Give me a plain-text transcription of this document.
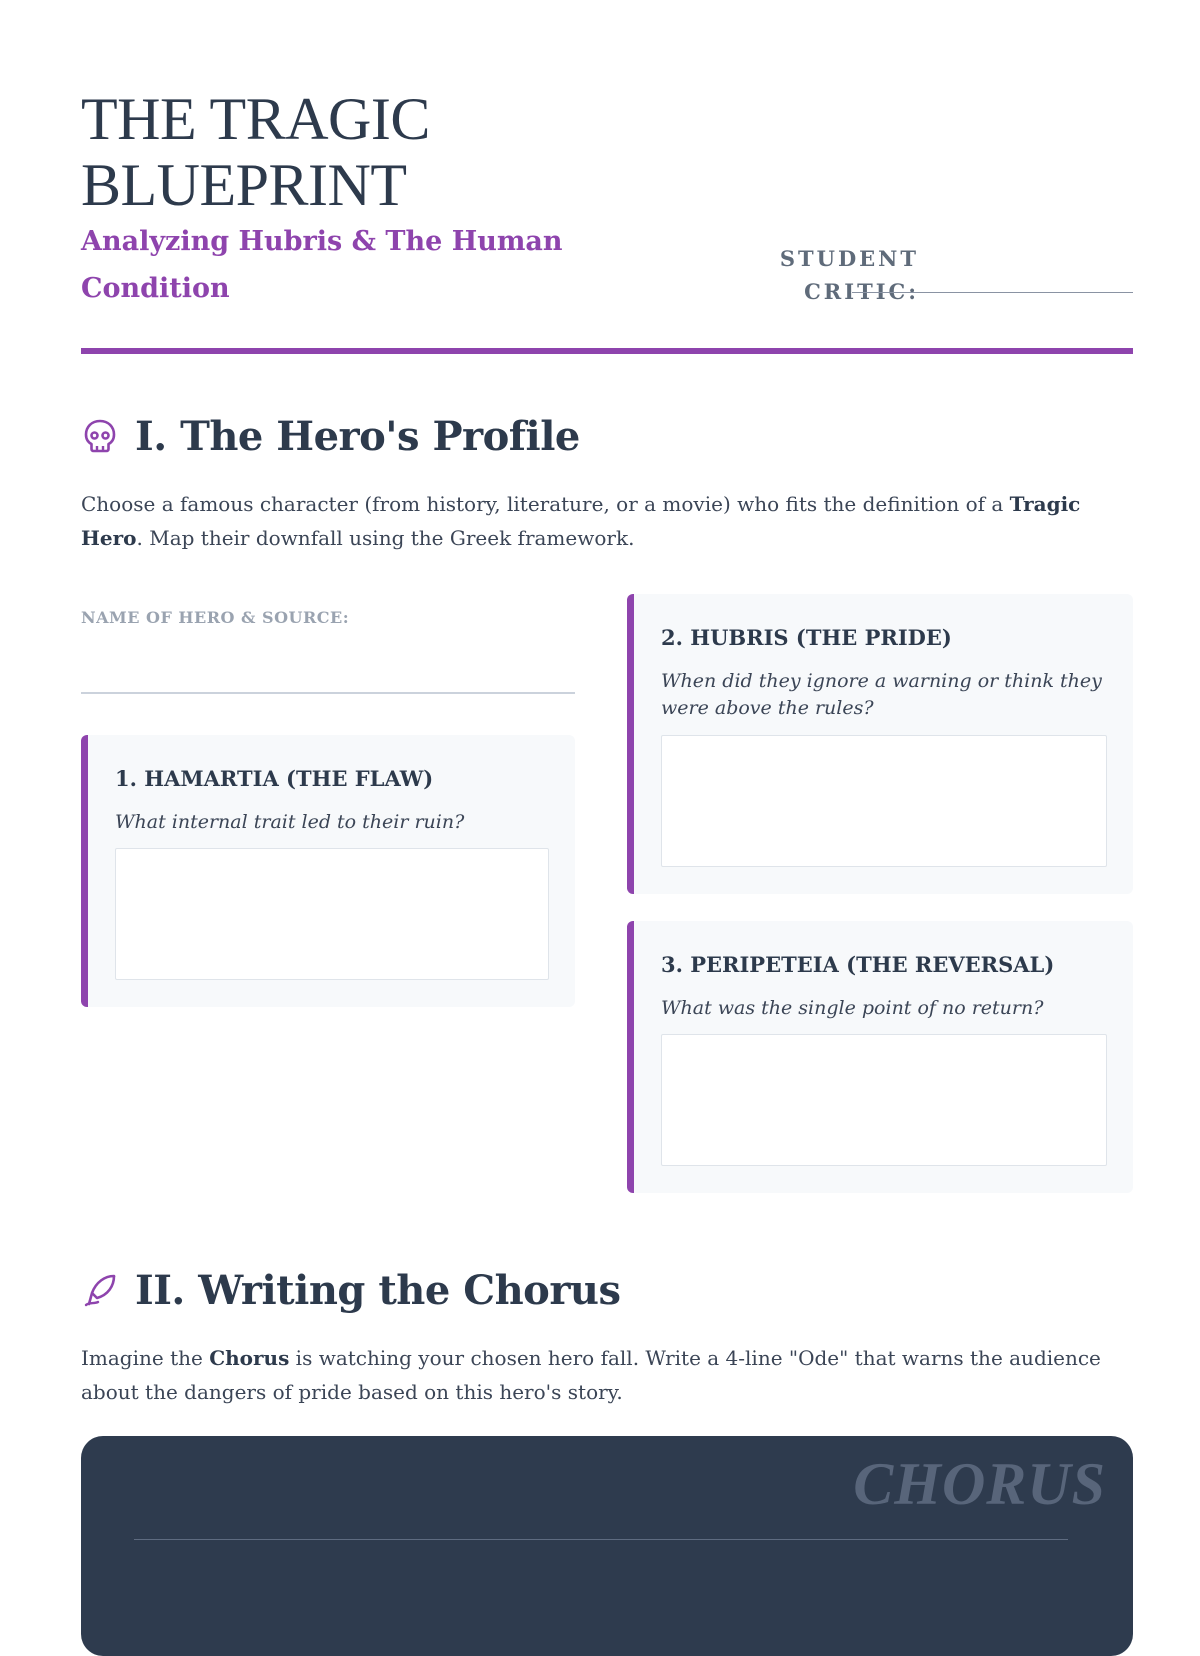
THE TRAGIC
BLUEPRINT
Analyzing Hubris & The Human Condition
STUDENT
CRITIC:
I. The Hero's Profile

Choose a famous character (from history, literature, or a movie) who fits the definition of a Tragic Hero. Map their downfall using the Greek framework.

NAME OF HERO & SOURCE:
1. HAMARTIA (THE FLAW)

What internal trait led to their ruin?

2. HUBRIS (THE PRIDE)

When did they ignore a warning or think they were above the rules?

3. PERIPETEIA (THE REVERSAL)

What was the single point of no return?

II. Writing the Chorus

Imagine the Chorus is watching your chosen hero fall. Write a 4-line "Ode" that warns the audience about the dangers of pride based on this hero's story.

CHORUS
